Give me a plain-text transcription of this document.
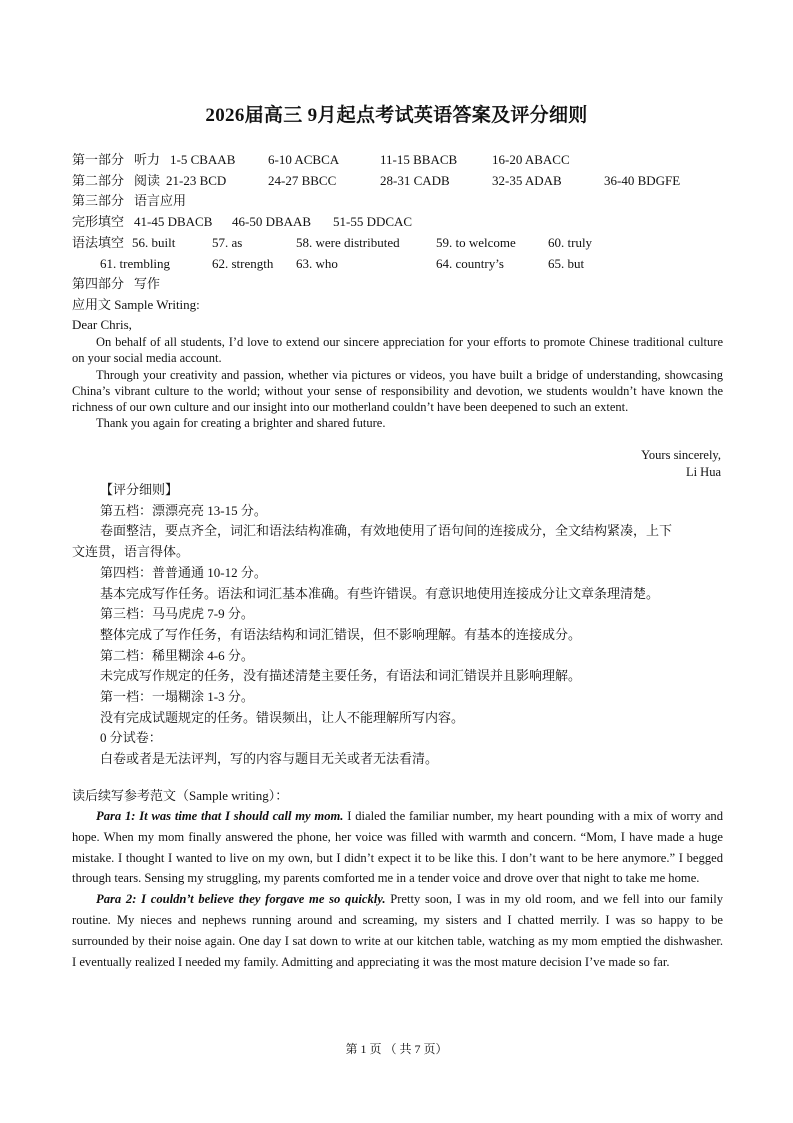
2026届高三 9月起点考试英语答案及评分细则
第一部分 听力 1-5 CBAAB	6-10 ACBCA	11-15 BBACB	16-20 ABACC
第二部分 阅读 21-23 BCD	24-27 BBCC	28-31 CADB	32-35 ADAB	36-40 BDGFE
第三部分 语言应用
完形填空 41-45 DBACB 46-50 DBAAB 51-55 DDCAC
语法填空 56. built	57. as	58. were distributed	59. to welcome 60. truly
61. trembling	62. strength 63. who	64. country’s	65. but
第四部分 写作
应用文 Sample Writing:
Dear Chris,

On behalf of all students, I’d love to extend our sincere appreciation for your efforts to promote Chinese traditional culture on your social media account.

Through your creativity and passion, whether via pictures or videos, you have built a bridge of understanding, showcasing China’s vibrant culture to the world; without your sense of responsibility and devotion, we students wouldn’t have known the richness of our own culture and our insight into our motherland couldn’t have been deepened to such an extent.

Thank you again for creating a brighter and shared future.

Yours sincerely,
Li Hua

【评分细则】

第五档：漂漂亮亮 13-15 分。

卷面整洁，要点齐全，词汇和语法结构准确，有效地使用了语句间的连接成分，全文结构紧凑，上下

文连贯，语言得体。

第四档：普普通通 10-12 分。

基本完成写作任务。语法和词汇基本准确。有些许错误。有意识地使用连接成分让文章条理清楚。

第三档：马马虎虎 7-9 分。

整体完成了写作任务，有语法结构和词汇错误，但不影响理解。有基本的连接成分。

第二档：稀里糊涂 4-6 分。

未完成写作规定的任务，没有描述清楚主要任务，有语法和词汇错误并且影响理解。

第一档：一塌糊涂 1-3 分。

没有完成试题规定的任务。错误频出，让人不能理解所写内容。

0 分试卷：

白卷或者是无法评判，写的内容与题目无关或者无法看清。

读后续写参考范文（Sample writing）：

Para 1: It was time that I should call my mom. I dialed the familiar number, my heart pounding with a mix of worry and hope. When my mom finally answered the phone, her voice was filled with warmth and concern. “Mom, I have made a huge mistake. I thought I wanted to live on my own, but I didn’t expect it to be like this. I don’t want to be here anymore.” I begged through tears. Sensing my struggling, my parents comforted me in a tender voice and drove over that night to take me home.

Para 2: I couldn’t believe they forgave me so quickly. Pretty soon, I was in my old room, and we fell into our family routine. My nieces and nephews running around and screaming, my sisters and I chatted merrily. I was so happy to be surrounded by their noise again. One day I sat down to write at our kitchen table, watching as my mom emptied the dishwasher. I eventually realized I needed my family. Admitting and appreciating it was the most mature decision I’ve made so far.

第 1 页 （ 共 7 页）
